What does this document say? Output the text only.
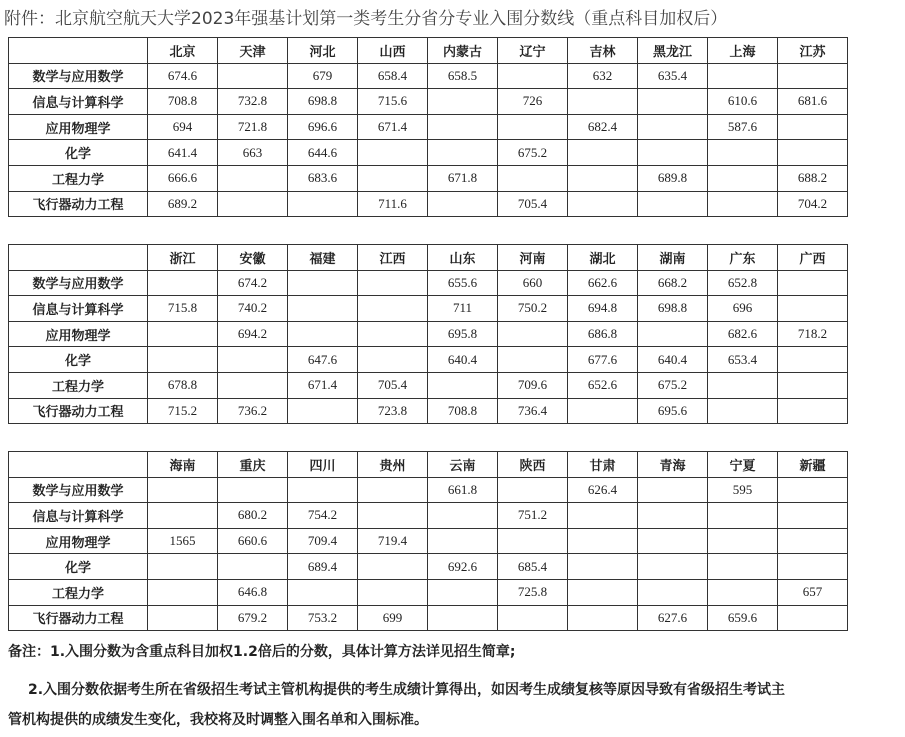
附件：北京航空航天大学2023年强基计划第一类考生分省分专业入围分数线（重点科目加权后）
	北京	天津	河北	山西	内蒙古	辽宁	吉林	黑龙江	上海	江苏
数学与应用数学	674.6		679	658.4	658.5		632	635.4		
信息与计算科学	708.8	732.8	698.8	715.6		726			610.6	681.6
应用物理学	694	721.8	696.6	671.4			682.4		587.6	
化学	641.4	663	644.6			675.2				
工程力学	666.6		683.6		671.8			689.8		688.2
飞行器动力工程	689.2			711.6		705.4				704.2
	浙江	安徽	福建	江西	山东	河南	湖北	湖南	广东	广西
数学与应用数学		674.2			655.6	660	662.6	668.2	652.8	
信息与计算科学	715.8	740.2			711	750.2	694.8	698.8	696	
应用物理学		694.2			695.8		686.8		682.6	718.2
化学			647.6		640.4		677.6	640.4	653.4	
工程力学	678.8		671.4	705.4		709.6	652.6	675.2		
飞行器动力工程	715.2	736.2		723.8	708.8	736.4		695.6		
	海南	重庆	四川	贵州	云南	陕西	甘肃	青海	宁夏	新疆
数学与应用数学					661.8		626.4		595	
信息与计算科学		680.2	754.2			751.2				
应用物理学	1565	660.6	709.4	719.4						
化学			689.4		692.6	685.4				
工程力学		646.8				725.8				657
飞行器动力工程		679.2	753.2	699				627.6	659.6	
备注：1.入围分数为含重点科目加权1.2倍后的分数，具体计算方法详见招生简章;
2.入围分数依据考生所在省级招生考试主管机构提供的考生成绩计算得出，如因考生成绩复核等原因导致有省级招生考试主
管机构提供的成绩发生变化，我校将及时调整入围名单和入围标准。
